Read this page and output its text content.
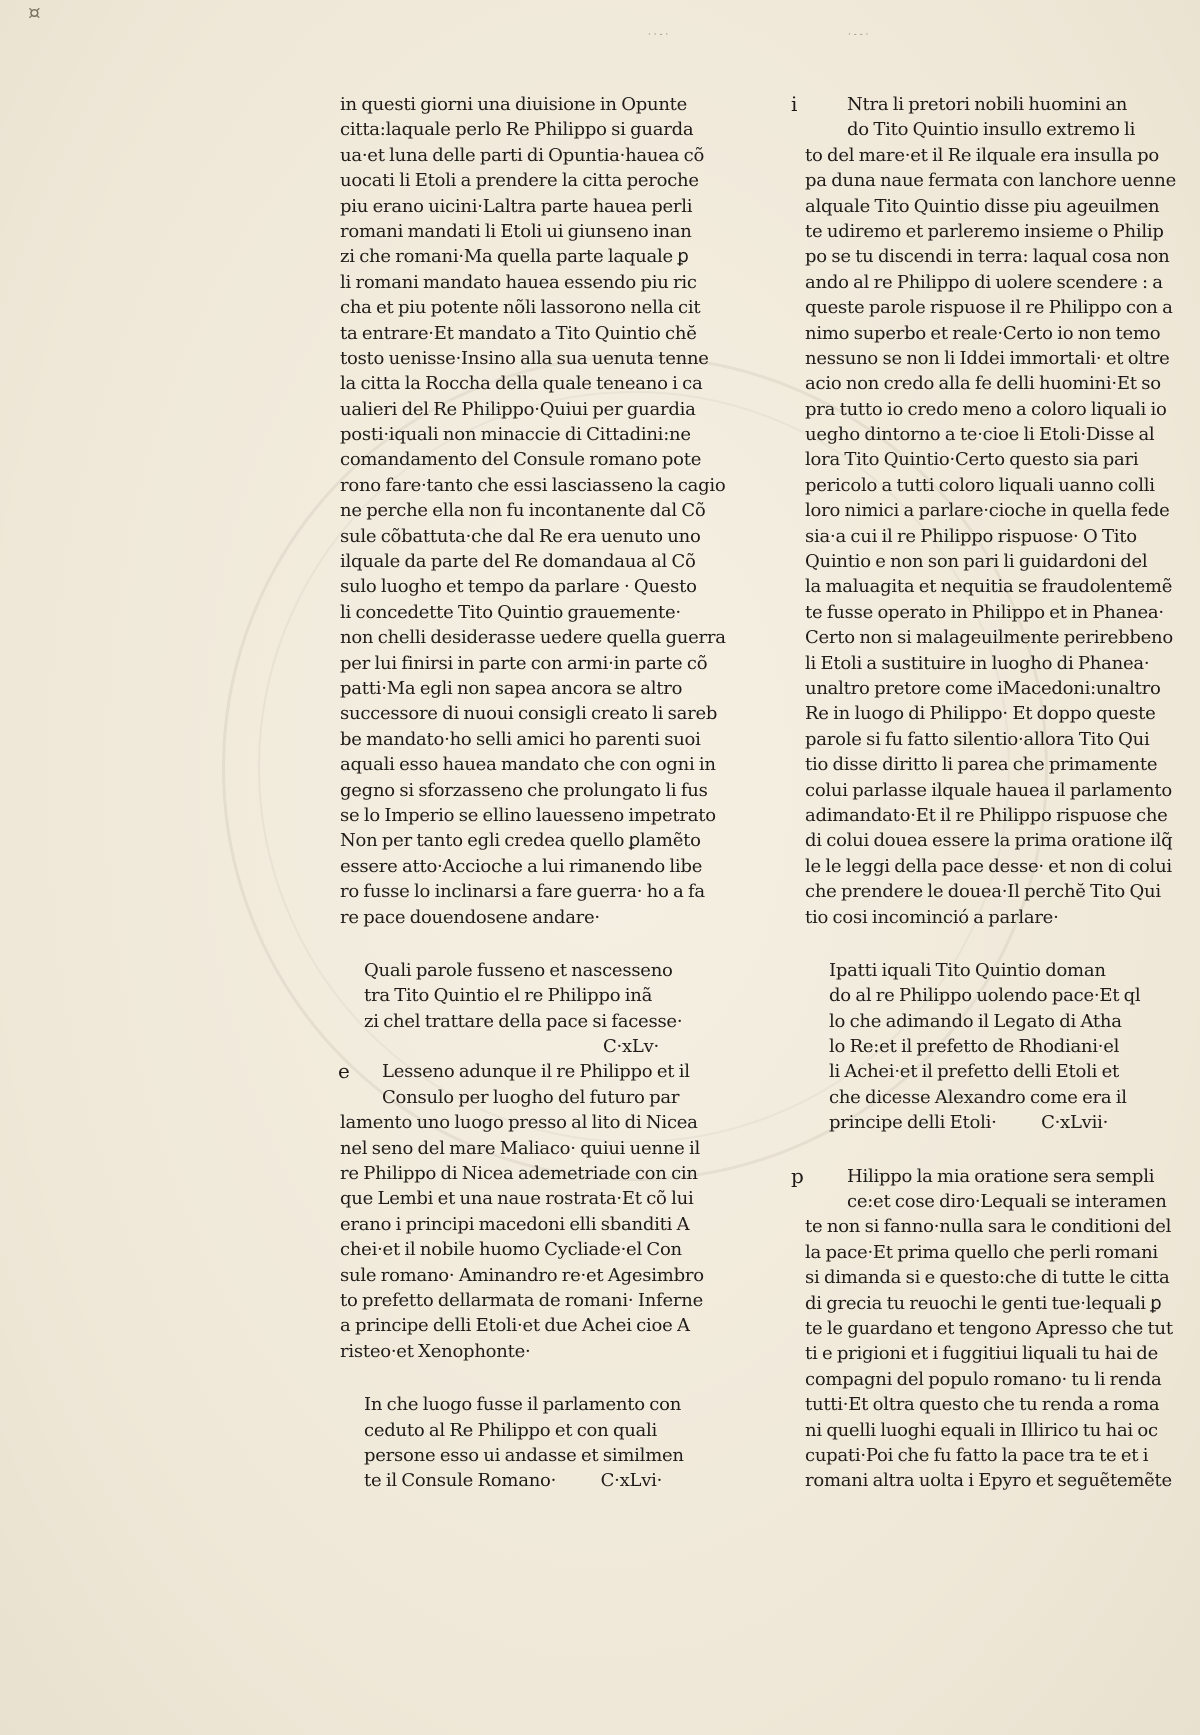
¤
· · ‑ ·	· ‑ ‑ ·
in questi giorni una diuisione in Opunte
citta:laquale perlo Re Philippo si guarda
ua·et luna delle parti di Opuntia·hauea cõ
uocati li Etoli a prendere la citta peroche
piu erano uicini·Laltra parte hauea perli
romani mandati li Etoli ui giunseno inan
zi che romani·Ma quella parte laquale ꝑ
li romani mandato hauea essendo piu ric
cha et piu potente nõli lassorono nella cit
ta entrare·Et mandato a Tito Quintio chĕ
tosto uenisse·Insino alla sua uenuta tenne
la citta la Roccha della quale teneano i ca
ualieri del Re Philippo·Quiui per guardia
posti·iquali non minaccie di Cittadini:ne
comandamento del Consule romano pote
rono fare·tanto che essi lasciasseno la cagio
ne perche ella non fu incontanente dal Cõ
sule cõbattuta·che dal Re era uenuto uno
ilquale da parte del Re domandaua al Cõ
sulo luogho et tempo da parlare · Questo
li concedette Tito Quintio grauemente·
non chelli desiderasse uedere quella guerra
per lui finirsi in parte con armi·in parte cõ
patti·Ma egli non sapea ancora se altro
successore di nuoui consigli creato li sareb
be mandato·ho selli amici ho parenti suoi
aquali esso hauea mandato che con ogni in
gegno si sforzasseno che prolungato li fus
se lo Imperio se ellino lauesseno impetrato
Non per tanto egli credea quello ꝑlamẽto
essere atto·Acciochе a lui rimanendo libe
ro fusse lo inclinarsi a fare guerra· ho a fa
re pace douendosene andare·
Quali parole fusseno et nascesseno
tra Tito Quintio el re Philippo inã
zi chel trattare della pace si facesse·
C·xLv·
e	Lesseno adunque il re Philippo et il
Consulo per luogho del futuro par
lamento uno luogo presso al lito di Nicea
nel seno del mare Maliaco· quiui uenne il
re Philippo di Nicea ademetriade con cin
que Lembi et una naue rostrata·Et cõ lui
erano i principi macedoni elli sbanditi A
chei·et il nobile huomo Cycliade·el Con
sule romano· Aminandro re·et Agesimbro
to prefetto dellarmata de romani· Inferne
a principe delli Etoli·et due Achei cioe A
risteo·et Xenophonte·
In che luogo fusse il parlamento con
ceduto al Re Philippo et con quali
persone esso ui andasse et similmen
te il Consule Romano· C·xLvi·
i	Ntra li pretori nobili huomini an
do Tito Quintio insullo extremo li
to del mare·et il Re ilquale era insulla po
pa duna naue fermata con lanchore uenne
alquale Tito Quintio disse piu ageuilmen
te udiremo et parleremo insieme o Philip
po se tu discendi in terra: laqual cosa non
ando al re Philippo di uolere scendere : a
queste parole rispuose il re Philippo con a
nimo superbo et reale·Certo io non temo
nessuno se non li Iddei immortali· et oltre
acio non credo alla fe delli huomini·Et so
pra tutto io credo meno a coloro liquali io
uegho dintorno a te·cioe li Etoli·Disse al
lora Tito Quintio·Certo questo sia pari
pericolo a tutti coloro liquali uanno colli
loro nimici a parlare·cioche in quella fede
sia·a cui il re Philippo rispuose· O Tito
Quintio e non son pari li guidardoni del
la maluagita et nequitia se fraudolentemẽ
te fusse operato in Philippo et in Phanea·
Certo non si malageuilmente perirebbeno
li Etoli a sustituire in luogho di Phanea·
unaltro pretore come iMacedoni:unaltro
Re in luogo di Philippo· Et doppo queste
parole si fu fatto silentio·allora Tito Qui
tio disse diritto li parea che primamente
colui parlasse ilquale hauea il parlamento
adimandato·Et il re Philippo rispuose che
di colui douea essere la prima oratione ilq̃
le le leggi della pace desse· et non di colui
che prendere le douea·Il perchĕ Tito Qui
tio cosi incominció a parlare·
Ipatti iquali Tito Quintio doman
do al re Philippo uolendo pace·Et ql
lo che adimando il Legato di Atha
lo Re:et il prefetto de Rhodiani·el
li Achei·et il prefetto delli Etoli et
che dicesse Alexandro come era il
principe delli Etoli· C·xLvii·
p	Hilippo la mia oratione sera sempli
ce:et cose diro·Lequali se interamen
te non si fanno·nulla sara le conditioni del
la pace·Et prima quello che perli romani
si dimanda si e questo:che di tutte le citta
di grecia tu reuochi le genti tue·lequali ꝑ
te le guardano et tengono Apresso che tut
ti e prigioni et i fuggitiui liquali tu hai de
compagni del populo romano· tu li renda
tutti·Et oltra questo che tu renda a roma
ni quelli luoghi equali in Illirico tu hai oc
cupati·Poi che fu fatto la pace tra te et i
romani altra uolta i Epyro et seguẽtemẽte
